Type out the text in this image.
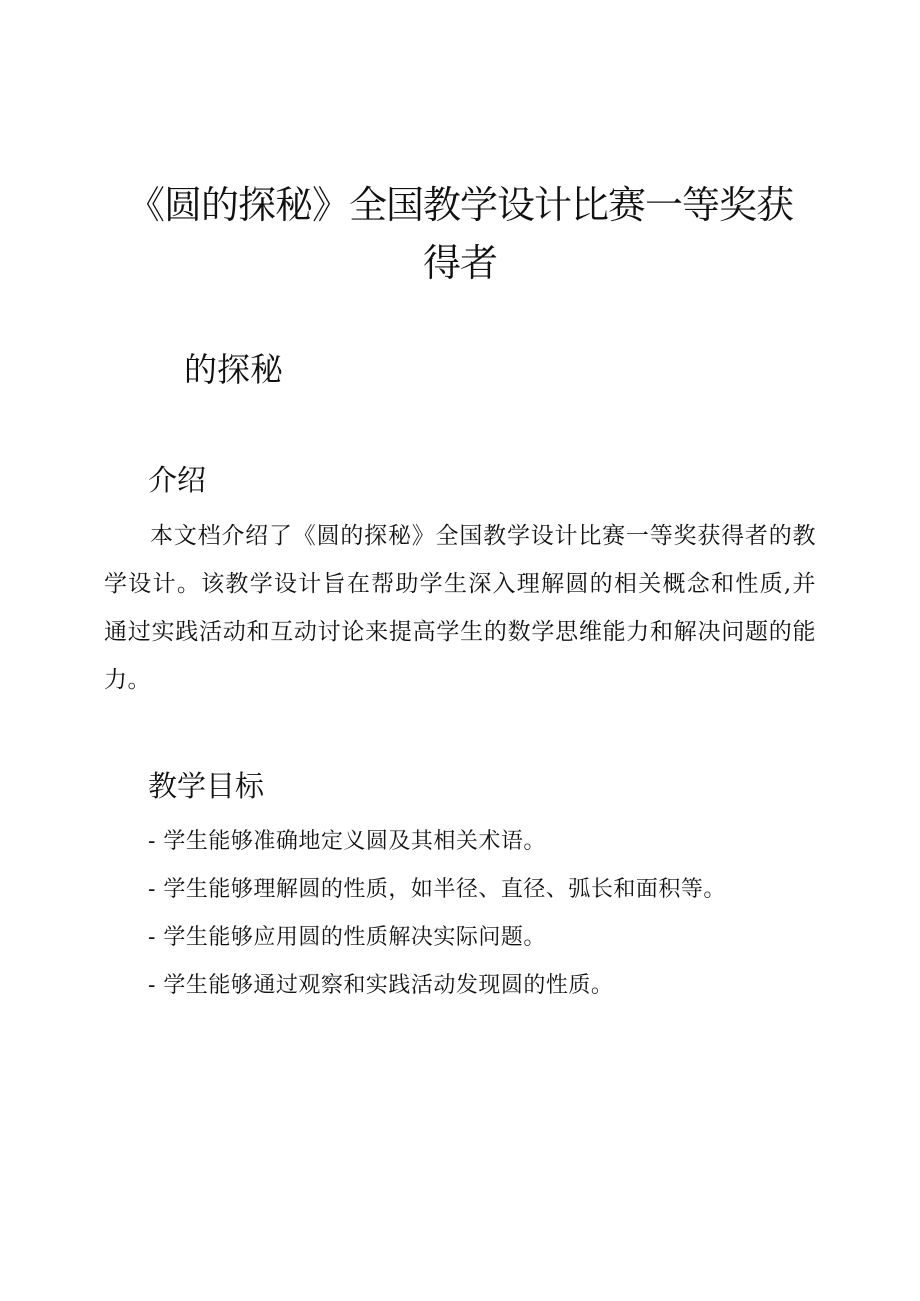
《圆的探秘》全国教学设计比赛一等奖获得者
的探秘
介绍

本文档介绍了《圆的探秘》全国教学设计比赛一等奖获得者的教学设计。该教学设计旨在帮助学生深入理解圆的相关概念和性质,并通过实践活动和互动讨论来提高学生的数学思维能力和解决问题的能力。

教学目标
- 学生能够准确地定义圆及其相关术语。
- 学生能够理解圆的性质，如半径、直径、弧长和面积等。
- 学生能够应用圆的性质解决实际问题。
- 学生能够通过观察和实践活动发现圆的性质。
